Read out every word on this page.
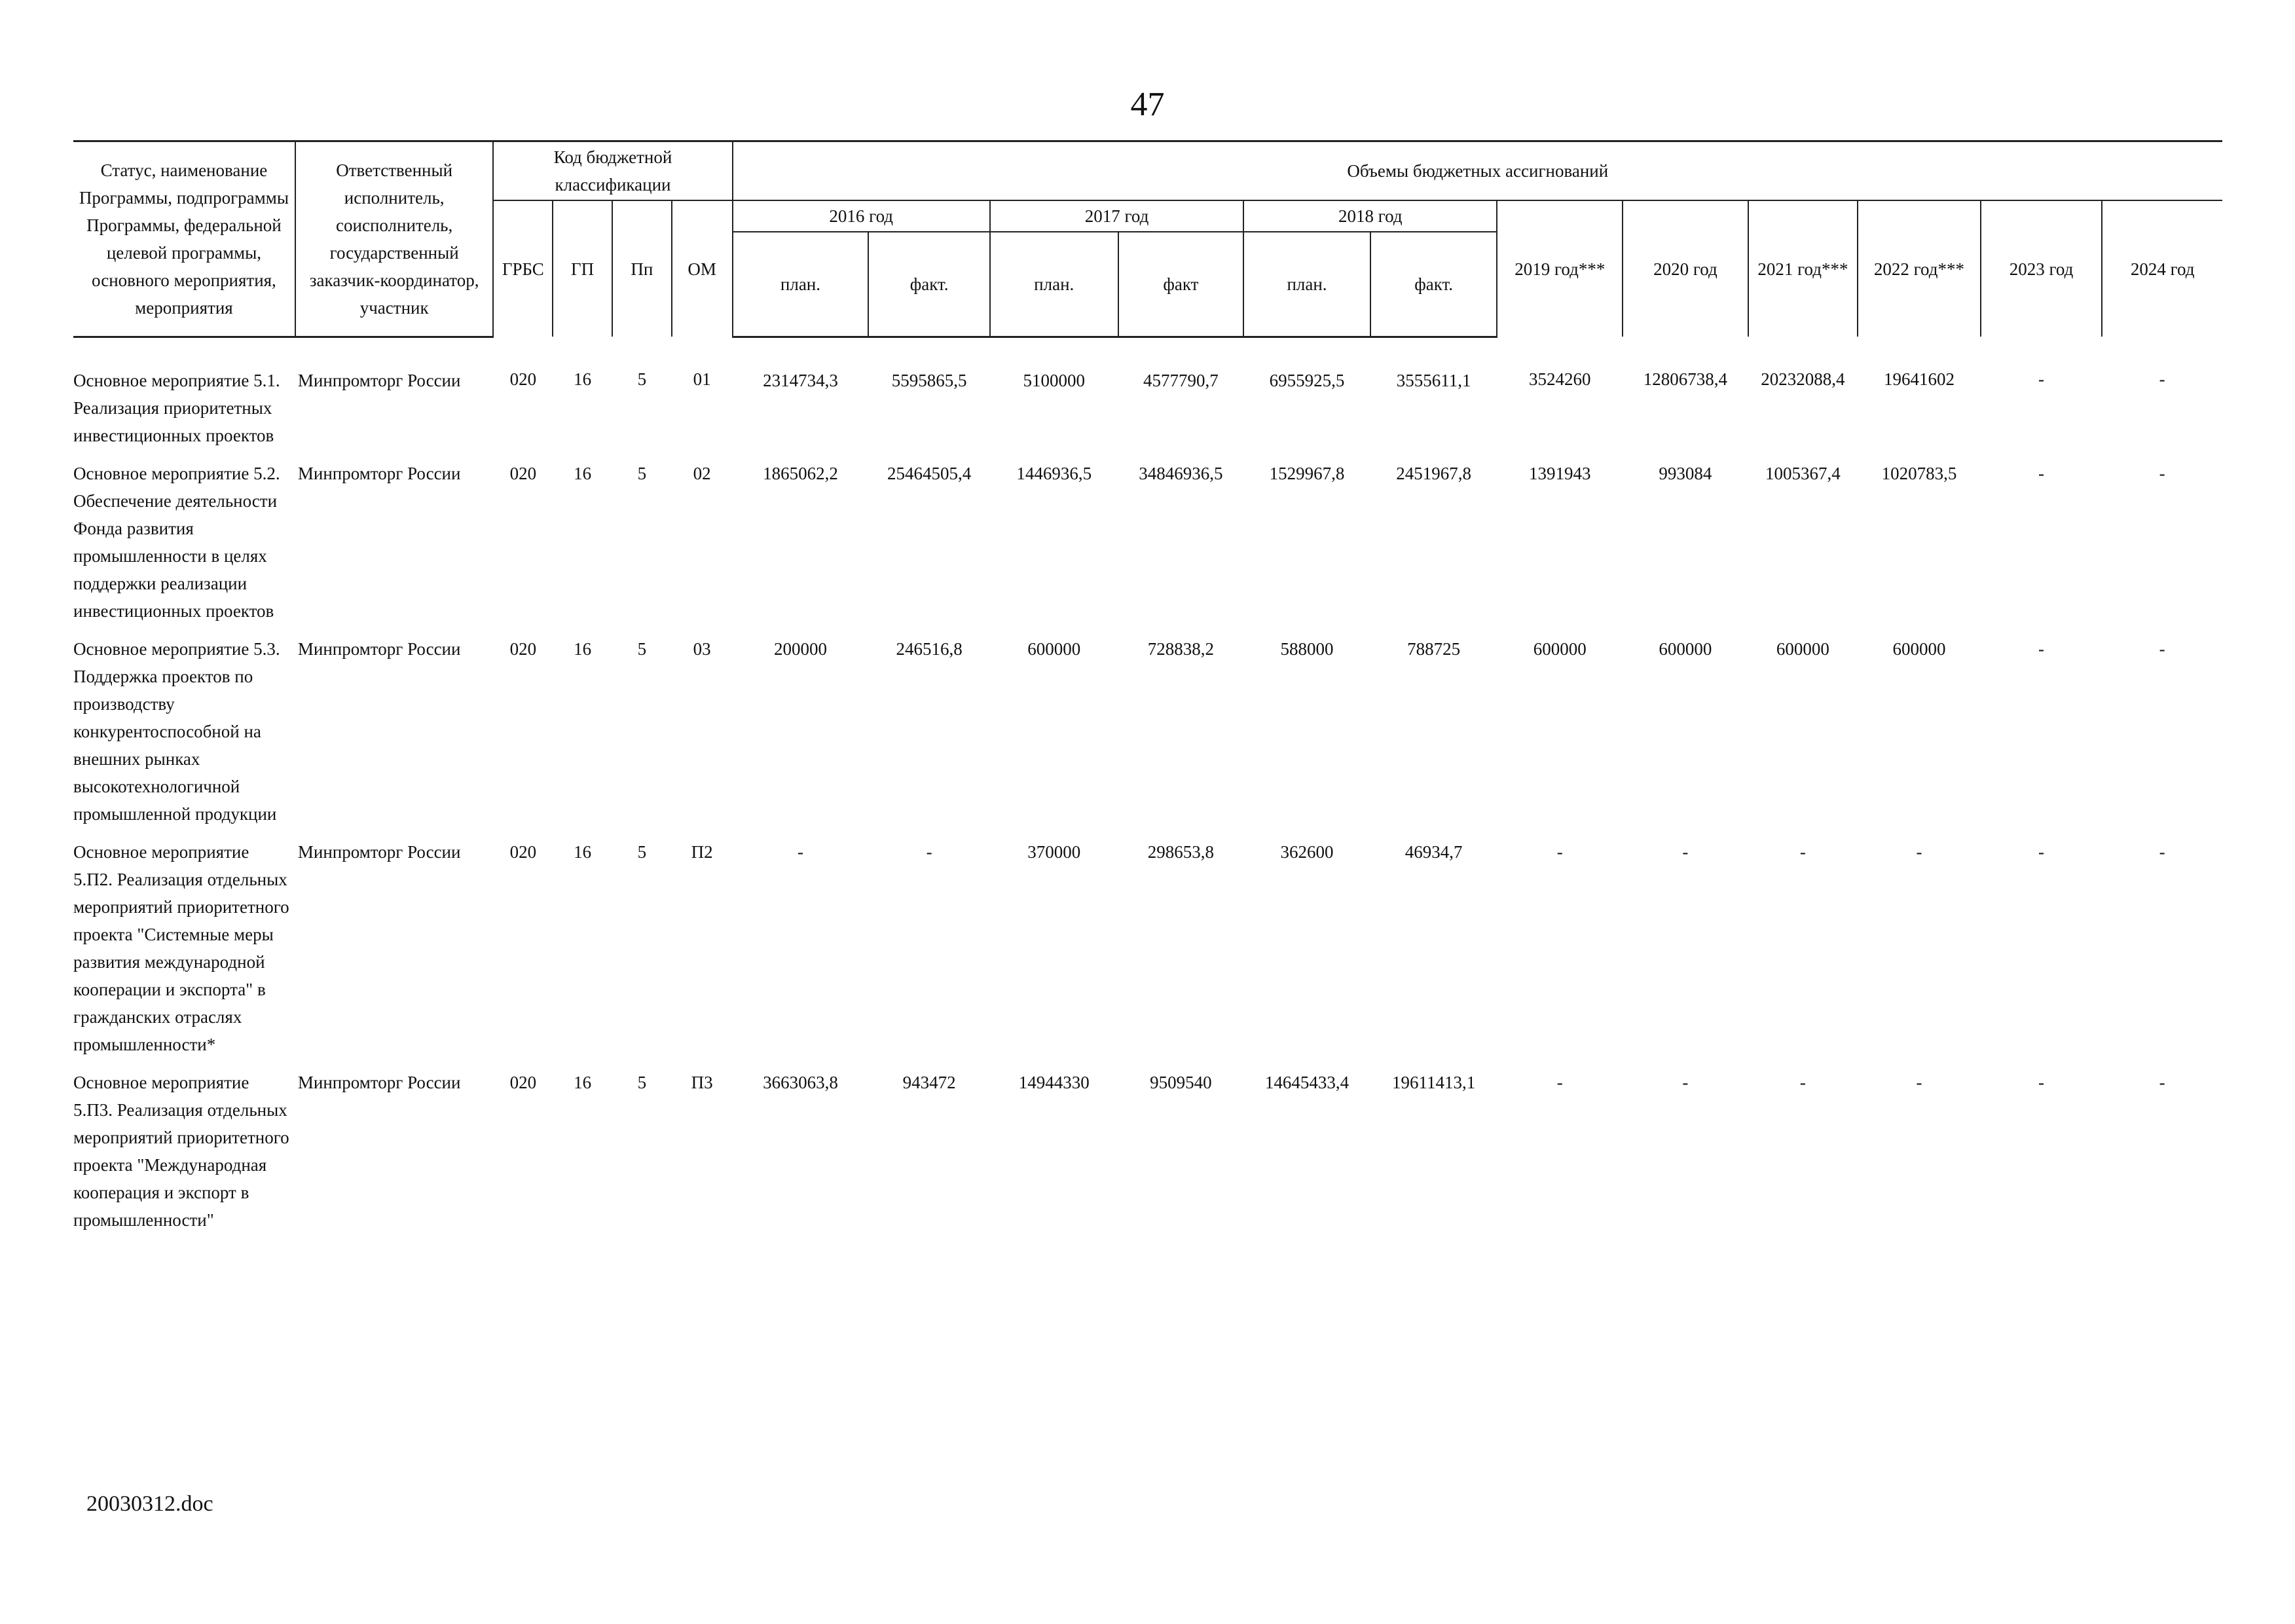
47
Статус, наименование Программы, подпрограммы Программы, федеральной целевой программы, основного мероприятия, мероприятия	Ответственный исполнитель, соисполнитель, государственный заказчик-координатор, участник	Код бюджетной классификации				Объемы бюджетных ассигнований											
		ГРБС	ГП	Пп	ОМ	2016 год		2017 год		2018 год		2019 год***	2020 год	2021 год***	2022 год***	2023 год	2024 год
						план.	факт.	план.	факт	план.	факт.						
Основное мероприятие 5.1. Реализация приоритетных инвестиционных проектов	Минпромторг России	020	16	5	01	2314734,3	5595865,5	5100000	4577790,7	6955925,5	3555611,1	3524260	12806738,4	20232088,4	19641602	-	-
Основное мероприятие 5.2. Обеспечение деятельности Фонда развития промышленности в целях поддержки реализации инвестиционных проектов	Минпромторг России	020	16	5	02	1865062,2	25464505,4	1446936,5	34846936,5	1529967,8	2451967,8	1391943	993084	1005367,4	1020783,5	-	-
Основное мероприятие 5.3. Поддержка проектов по производству конкурентоспособной на внешних рынках высокотехнологичной промышленной продукции	Минпромторг России	020	16	5	03	200000	246516,8	600000	728838,2	588000	788725	600000	600000	600000	600000	-	-
Основное мероприятие 5.П2. Реализация отдельных мероприятий приоритетного проекта "Системные меры развития международной кооперации и экспорта" в гражданских отраслях промышленности*	Минпромторг России	020	16	5	П2	-	-	370000	298653,8	362600	46934,7	-	-	-	-	-	-
Основное мероприятие 5.П3. Реализация отдельных мероприятий приоритетного проекта "Международная кооперация и экспорт в промышленности"	Минпромторг России	020	16	5	П3	3663063,8	943472	14944330	9509540	14645433,4	19611413,1	-	-	-	-	-	-
20030312.doc
